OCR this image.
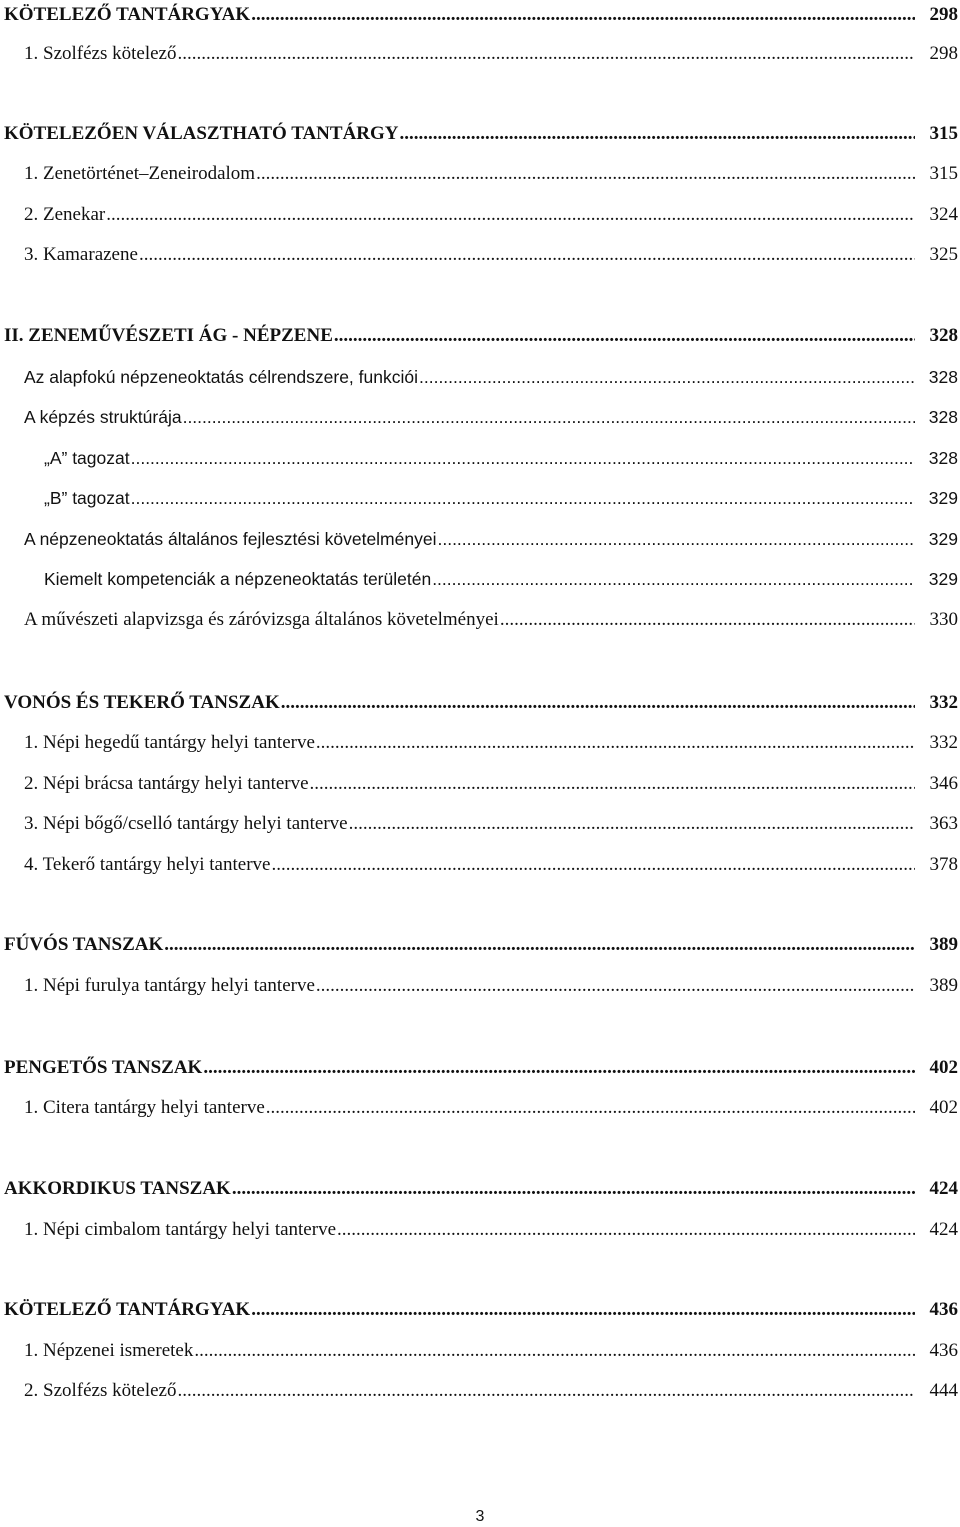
KÖTELEZŐ TANTÁRGYAK .....	298
1. Szolfézs kötelező .....	298
KÖTELEZŐEN VÁLASZTHATÓ TANTÁRGY .....	315
1. Zenetörténet–Zeneirodalom .....	315
2. Zenekar .....	324
3. Kamarazene .....	325
II. ZENEMŰVÉSZETI ÁG - NÉPZENE .....	328
Az alapfokú népzeneoktatás célrendszere, funkciói .....	328
A képzés struktúrája .....	328
„A” tagozat .....	328
„B” tagozat .....	329
A népzeneoktatás általános fejlesztési követelményei .....	329
Kiemelt kompetenciák a népzeneoktatás területén .....	329
A művészeti alapvizsga és záróvizsga általános követelményei .....	330
VONÓS ÉS TEKERŐ TANSZAK .....	332
1. Népi hegedű tantárgy helyi tanterve .....	332
2. Népi brácsa tantárgy helyi tanterve .....	346
3. Népi bőgő/cselló tantárgy helyi tanterve .....	363
4. Tekerő tantárgy helyi tanterve .....	378
FÚVÓS TANSZAK .....	389
1. Népi furulya tantárgy helyi tanterve .....	389
PENGETŐS TANSZAK .....	402
1. Citera tantárgy helyi tanterve .....	402
AKKORDIKUS TANSZAK .....	424
1. Népi cimbalom tantárgy helyi tanterve .....	424
KÖTELEZŐ TANTÁRGYAK .....	436
1. Népzenei ismeretek .....	436
2. Szolfézs kötelező .....	444
3
